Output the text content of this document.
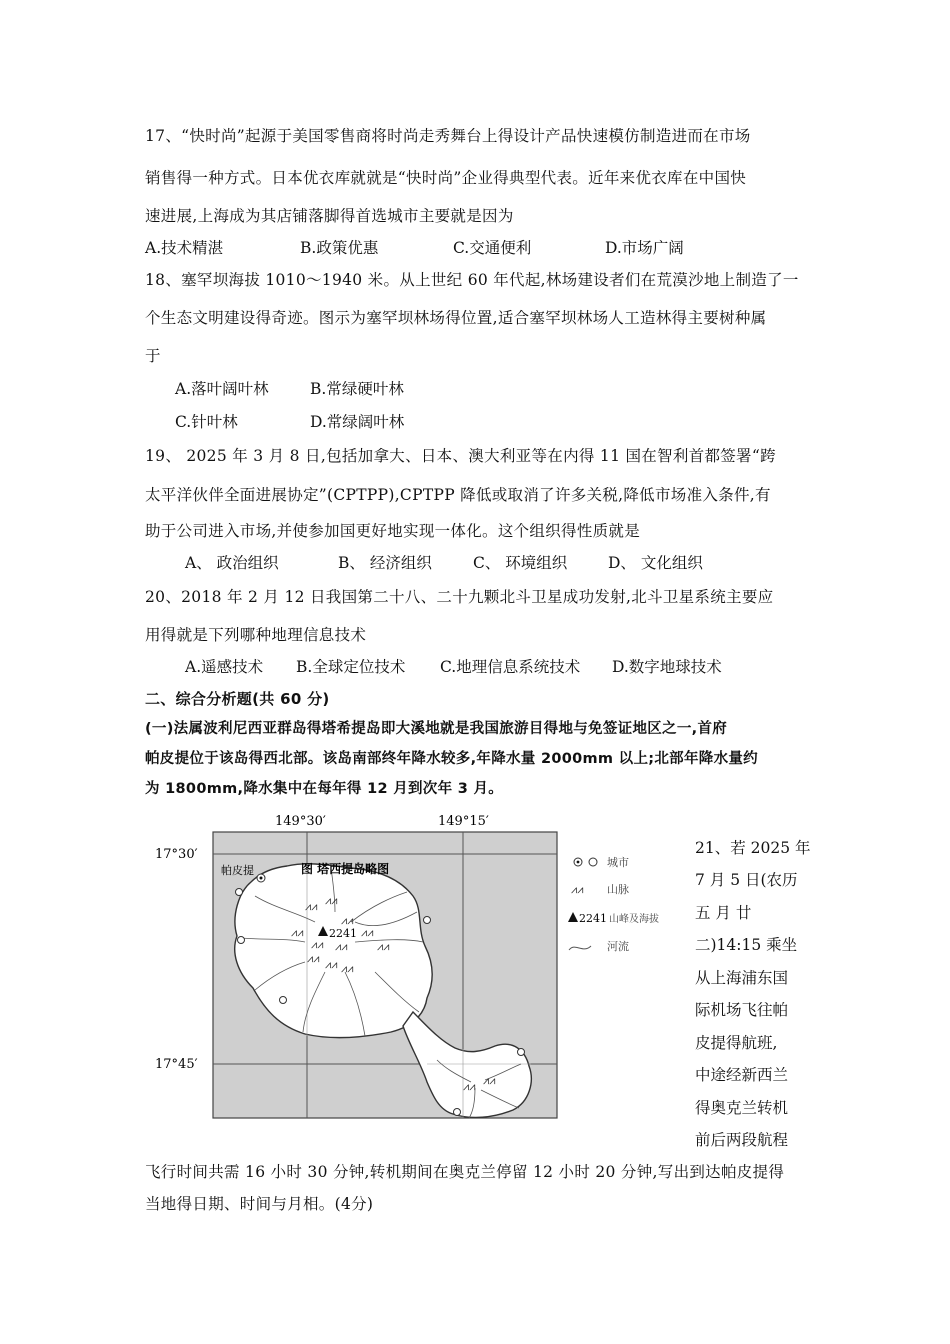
17、“快时尚”起源于美国零售商将时尚走秀舞台上得设计产品快速模仿制造进而在市场
销售得一种方式。日本优衣库就就是“快时尚”企业得典型代表。近年来优衣库在中国快
速进展,上海成为其店铺落脚得首选城市主要就是因为
A.技术精湛	B.政策优惠	C.交通便利	D.市场广阔
18、塞罕坝海拔 1010～1940 米。从上世纪 60 年代起,林场建设者们在荒漠沙地上制造了一
个生态文明建设得奇迹。图示为塞罕坝林场得位置,适合塞罕坝林场人工造林得主要树种属
于
A.落叶阔叶林	B.常绿硬叶林
C.针叶林	D.常绿阔叶林
19、 2025 年 3 月 8 日,包括加拿大、日本、澳大利亚等在内得 11 国在智利首都签署“跨
太平洋伙伴全面进展协定”(CPTPP),CPTPP 降低或取消了许多关税,降低市场准入条件,有
助于公司进入市场,并使参加国更好地实现一体化。这个组织得性质就是
A、 政治组织	B、 经济组织	C、 环境组织	D、 文化组织
20、2018 年 2 月 12 日我国第二十八、二十九颗北斗卫星成功发射,北斗卫星系统主要应
用得就是下列哪种地理信息技术
A.遥感技术 B.全球定位技术 C.地理信息系统技术 D.数字地球技术
二、综合分析题(共 60 分)
(一)法属波利尼西亚群岛得塔希提岛即大溪地就是我国旅游目得地与免签证地区之一,首府
帕皮提位于该岛得西北部。该岛南部终年降水较多,年降水量 2000mm 以上;北部年降水量约
为 1800mm,降水集中在每年得 12 月到次年 3 月。
149°30′	149°15′
17°30′
17°45′
⩘⩘ ⩘⩘
⩘⩘
⩘⩘
⩘⩘
⩘⩘
⩘⩘
⩘⩘ ⩘⩘
⩘⩘
⩘⩘
⩘⩘ ⩘⩘
2241
帕皮提	图 塔西提岛略图	城市
⩘⩘ 山脉
2241 山峰及海拔
河流
21、若 2025 年
7 月 5 日(农历
五 月 廿
二)14:15 乘坐
从上海浦东国
际机场飞往帕
皮提得航班,
中途经新西兰
得奥克兰转机
前后两段航程
飞行时间共需 16 小时 30 分钟,转机期间在奥克兰停留 12 小时 20 分钟,写出到达帕皮提得
当地得日期、时间与月相。(4分)
